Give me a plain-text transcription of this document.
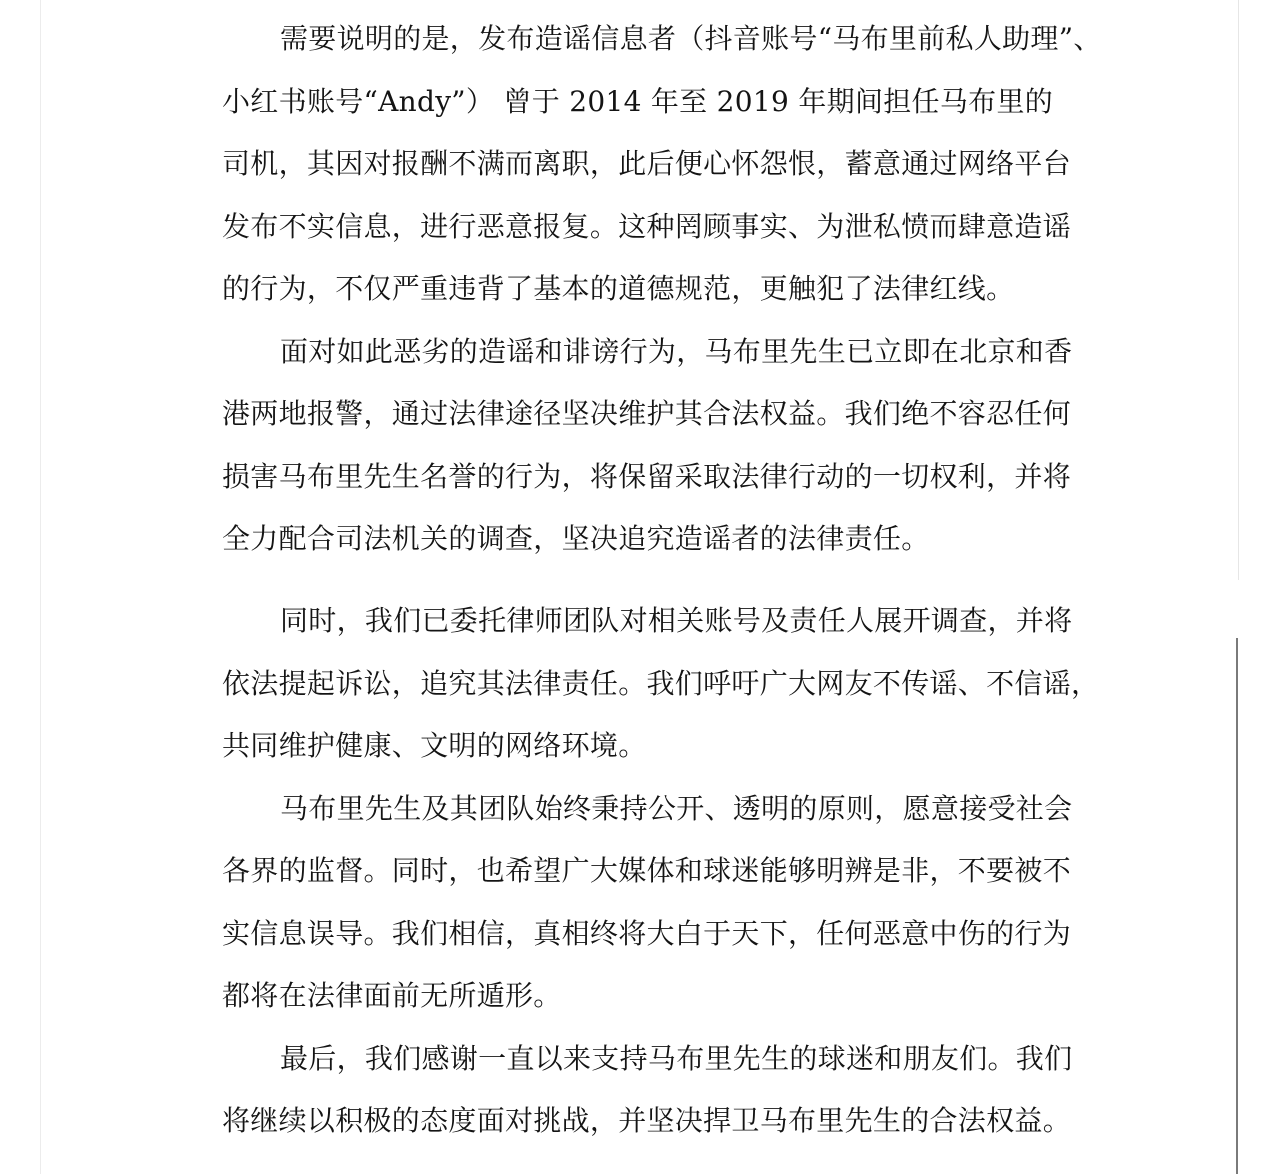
需要说明的是，发布造谣信息者（抖音账号“马布里前私人助理”、
小红书账号“Andy”） 曾于 2014 年至 2019 年期间担任马布里的
司机，其因对报酬不满而离职，此后便心怀怨恨，蓄意通过网络平台
发布不实信息，进行恶意报复。这种罔顾事实、为泄私愤而肆意造谣
的行为，不仅严重违背了基本的道德规范，更触犯了法律红线。
面对如此恶劣的造谣和诽谤行为，马布里先生已立即在北京和香
港两地报警，通过法律途径坚决维护其合法权益。我们绝不容忍任何
损害马布里先生名誉的行为，将保留采取法律行动的一切权利，并将
全力配合司法机关的调查，坚决追究造谣者的法律责任。
同时，我们已委托律师团队对相关账号及责任人展开调查，并将
依法提起诉讼，追究其法律责任。我们呼吁广大网友不传谣、不信谣，
共同维护健康、文明的网络环境。
马布里先生及其团队始终秉持公开、透明的原则，愿意接受社会
各界的监督。同时，也希望广大媒体和球迷能够明辨是非，不要被不
实信息误导。我们相信，真相终将大白于天下，任何恶意中伤的行为
都将在法律面前无所遁形。
最后，我们感谢一直以来支持马布里先生的球迷和朋友们。我们
将继续以积极的态度面对挑战，并坚决捍卫马布里先生的合法权益。
